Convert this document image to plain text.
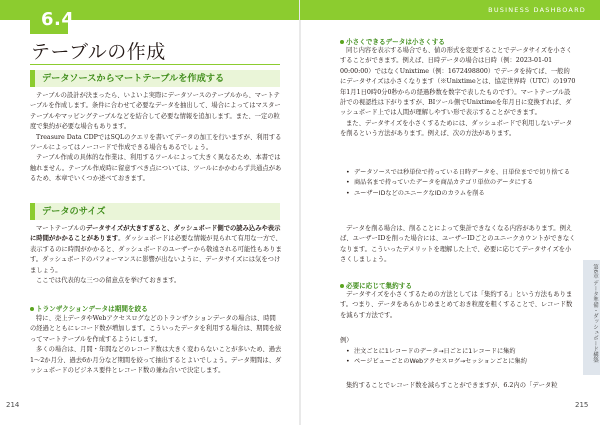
6.4
テーブルの作成
データソースからマートテーブルを作成する

テーブルの設計が決まったら、いよいよ実際にデータソースのテーブルから、マートテーブルを作成します。条件に合わせて必要なデータを抽出して、場合によってはマスターテーブルやマッピングテーブルなどを結合して必要な情報を追加します。また、一定の粒度で集約が必要な場合もあります。

Treasure Data CDPではSQLのクエリを書いてデータの加工を行いますが、利用するツールによってはノーコードで作成できる場合もあるでしょう。

テーブル作成の具体的な作業は、利用するツールによって大きく異なるため、本書では触れません。テーブル作成時に留意すべき点については、ツールにかかわらず共通点があるため、本章でいくつか述べておきます。

データのサイズ

マートテーブルのデータサイズが大きすぎると、ダッシュボード側での読み込みや表示に時間がかかることがあります。ダッシュボードは必要な情報が見られて有用な一方で、表示するのに時間がかかると、ダッシュボードのユーザーから敬遠される可能性もあります。ダッシュボードのパフォーマンスに影響が出ないように、データサイズには気をつけましょう。

ここでは代表的な三つの留意点を挙げておきます。

トランザクションデータは期間を絞る

特に、売上データやWebアクセスログなどのトランザクションデータの場合は、時間の経過とともにレコード数が増加します。こういったデータを利用する場合は、期間を絞ってマートテーブルを作成するようにします。

多くの場合は、月間・年間などのレコード数は大きく変わらないことが多いため、過去1〜2か月分、過去6か月分など期間を絞って抽出するとよいでしょう。データ期間は、ダッシュボードのビジネス要件とレコード数の兼ね合いで決定します。

214
BUSINESS DASHBOARD
小さくできるデータは小さくする

同じ内容を表示する場合でも、値の形式を変更することでデータサイズを小さくすることができます。例えば、日時データの場合は日時（例：2023-01-01 00:00:00）ではなくUnixtime（例：1672498800）でデータを持てば、一般的にデータサイズは小さくなります（※Unixtimeとは、協定世界時（UTC）の1970年1月1日0時0分0秒からの経過秒数を数字で表したものです）。マートテーブル設計での視認性は下がりますが、BIツール側でUnixtimeを年月日に変換すれば、ダッシュボード上では人間が理解しやすい形で表示することができます。

また、データサイズを小さくするためには、ダッシュボードで利用しないデータを削るという方法があります。例えば、次の方法があります。

• データソースでは秒単位で持っている日時データを、日単位までで切り捨てる
• 商品名まで持っていたデータを商品カテゴリ単位のデータにする
• ユーザーIDなどのユニークなIDのカラムを削る

データを削る場合は、削ることによって集計できなくなる内容があります。例えば、ユーザーIDを削った場合には、ユーザーIDごとのユニークカウントができなくなります。こういったデメリットを理解した上で、必要に応じてデータサイズを小さくしましょう。

必要に応じて集約する

データサイズを小さくするための方法としては「集約する」という方法もあります。つまり、データをあらかじめまとめておき粒度を粗くすることで、レコード数を減らす方法です。

例）
• 注文ごとに1レコードのデータ→日ごとに1レコードに集約
• ページビューごとのWebアクセスログ→セッションごとに集約

集約することでレコード数を減らすことができますが、6.2内の「データ粒

第6章 データ準備・ダッシュボード構築
215
